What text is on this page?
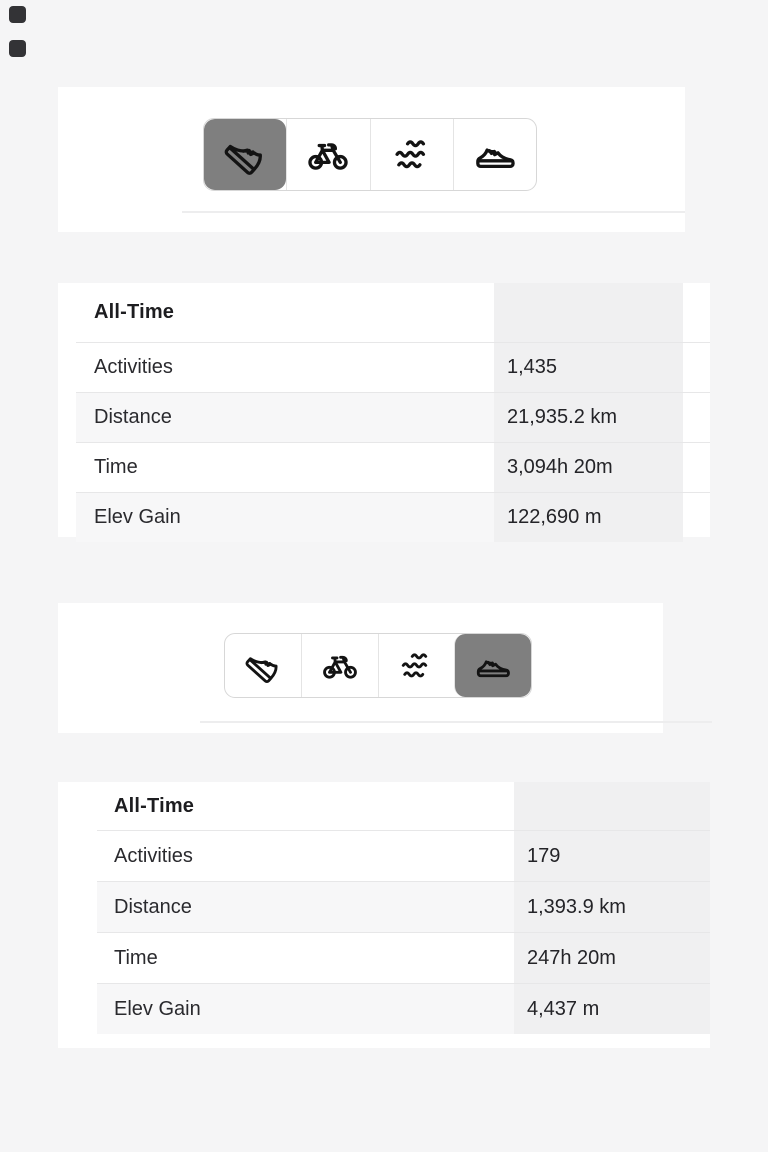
All-Time
Activities	1,435
Distance	21,935.2 km
Time	3,094h 20m
Elev Gain	122,690 m
All-Time
Activities	179
Distance	1,393.9 km
Time	247h 20m
Elev Gain	4,437 m
